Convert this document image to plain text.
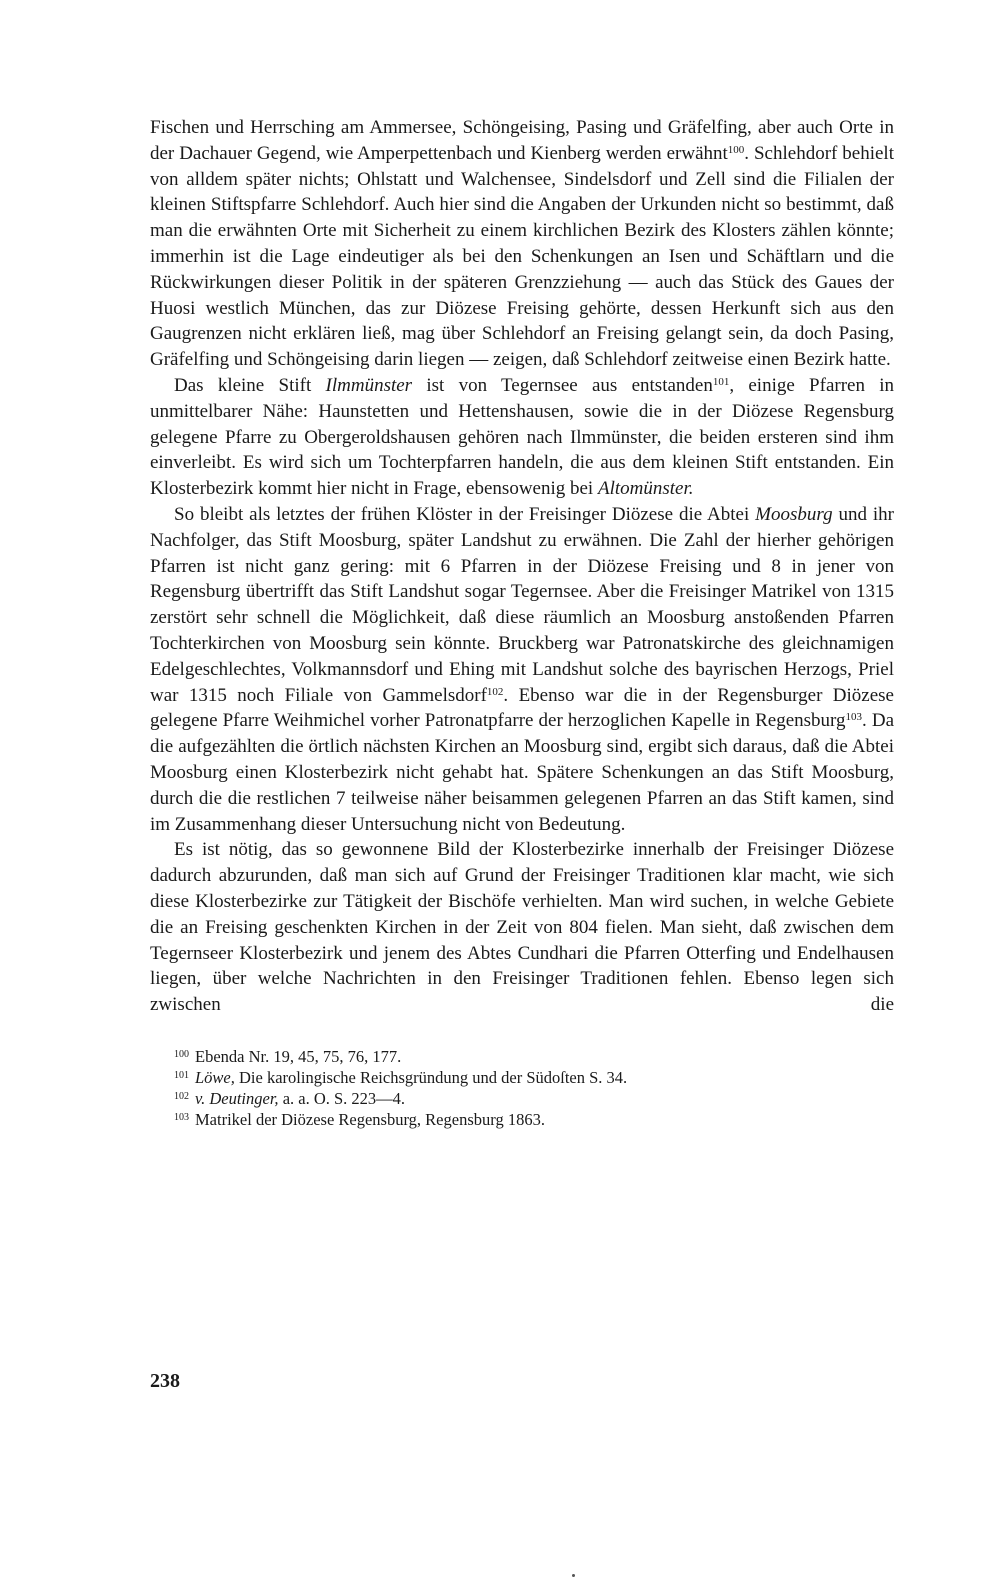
Fischen und Herrsching am Ammersee, Schöngeising, Pasing und Gräfelfing, aber auch Orte in der Dachauer Gegend, wie Amperpettenbach und Kienberg werden erwähnt$^{100}$. Schlehdorf behielt von alldem später nichts; Ohlstatt und Walchensee, Sindelsdorf und Zell sind die Filialen der kleinen Stiftspfarre Schlehdorf. Auch hier sind die Angaben der Urkunden nicht so bestimmt, daß man die erwähnten Orte mit Sicherheit zu einem kirchlichen Bezirk des Klosters zählen könnte; immerhin ist die Lage eindeutiger als bei den Schenkungen an Isen und Schäftlarn und die Rückwirkungen dieser Politik in der späteren Grenzziehung — auch das Stück des Gaues der Huosi westlich München, das zur Diözese Freising gehörte, dessen Herkunft sich aus den Gaugrenzen nicht erklären ließ, mag über Schlehdorf an Freising gelangt sein, da doch Pasing, Gräfelfing und Schöngeising darin liegen — zeigen, daß Schlehdorf zeitweise einen Bezirk hatte.

Das kleine Stift Ilmmünster ist von Tegernsee aus entstanden$^{101}$, einige Pfarren in unmittelbarer Nähe: Haunstetten und Hettenshausen, sowie die in der Diözese Regensburg gelegene Pfarre zu Obergeroldshausen gehören nach Ilmmünster, die beiden ersteren sind ihm einverleibt. Es wird sich um Tochterpfarren handeln, die aus dem kleinen Stift entstanden. Ein Klosterbezirk kommt hier nicht in Frage, ebensowenig bei Altomünster.

So bleibt als letztes der frühen Klöster in der Freisinger Diözese die Abtei Moosburg und ihr Nachfolger, das Stift Moosburg, später Landshut zu erwähnen. Die Zahl der hierher gehörigen Pfarren ist nicht ganz gering: mit 6 Pfarren in der Diözese Freising und 8 in jener von Regensburg übertrifft das Stift Landshut sogar Tegernsee. Aber die Freisinger Matrikel von 1315 zerstört sehr schnell die Möglichkeit, daß diese räumlich an Moosburg anstoßenden Pfarren Tochterkirchen von Moosburg sein könnte. Bruckberg war Patronatskirche des gleichnamigen Edelgeschlechtes, Volkmannsdorf und Ehing mit Landshut solche des bayrischen Herzogs, Priel war 1315 noch Filiale von Gammelsdorf$^{102}$. Ebenso war die in der Regensburger Diözese gelegene Pfarre Weihmichel vorher Patronatpfarre der herzoglichen Kapelle in Regensburg$^{103}$. Da die aufgezählten die örtlich nächsten Kirchen an Moosburg sind, ergibt sich daraus, daß die Abtei Moosburg einen Klosterbezirk nicht gehabt hat. Spätere Schenkungen an das Stift Moosburg, durch die die restlichen 7 teilweise näher beisammen gelegenen Pfarren an das Stift kamen, sind im Zusammenhang dieser Untersuchung nicht von Bedeutung.

Es ist nötig, das so gewonnene Bild der Klosterbezirke innerhalb der Freisinger Diözese dadurch abzurunden, daß man sich auf Grund der Freisinger Traditionen klar macht, wie sich diese Klosterbezirke zur Tätigkeit der Bischöfe verhielten. Man wird suchen, in welche Gebiete die an Freising geschenkten Kirchen in der Zeit von 804 fielen. Man sieht, daß zwischen dem Tegernseer Klosterbezirk und jenem des Abtes Cundhari die Pfarren Otterfing und Endelhausen liegen, über welche Nachrichten in den Freisinger Traditionen fehlen. Ebenso legen sich zwischen die

$^{100}$ Ebenda Nr. 19, 45, 75, 76, 177.
$^{101}$ Löwe, Die karolingische Reichsgründung und der Südoſten S. 34.
$^{102}$ v. Deutinger, a. a. O. S. 223—4.
$^{103}$ Matrikel der Diözese Regensburg, Regensburg 1863.
238
